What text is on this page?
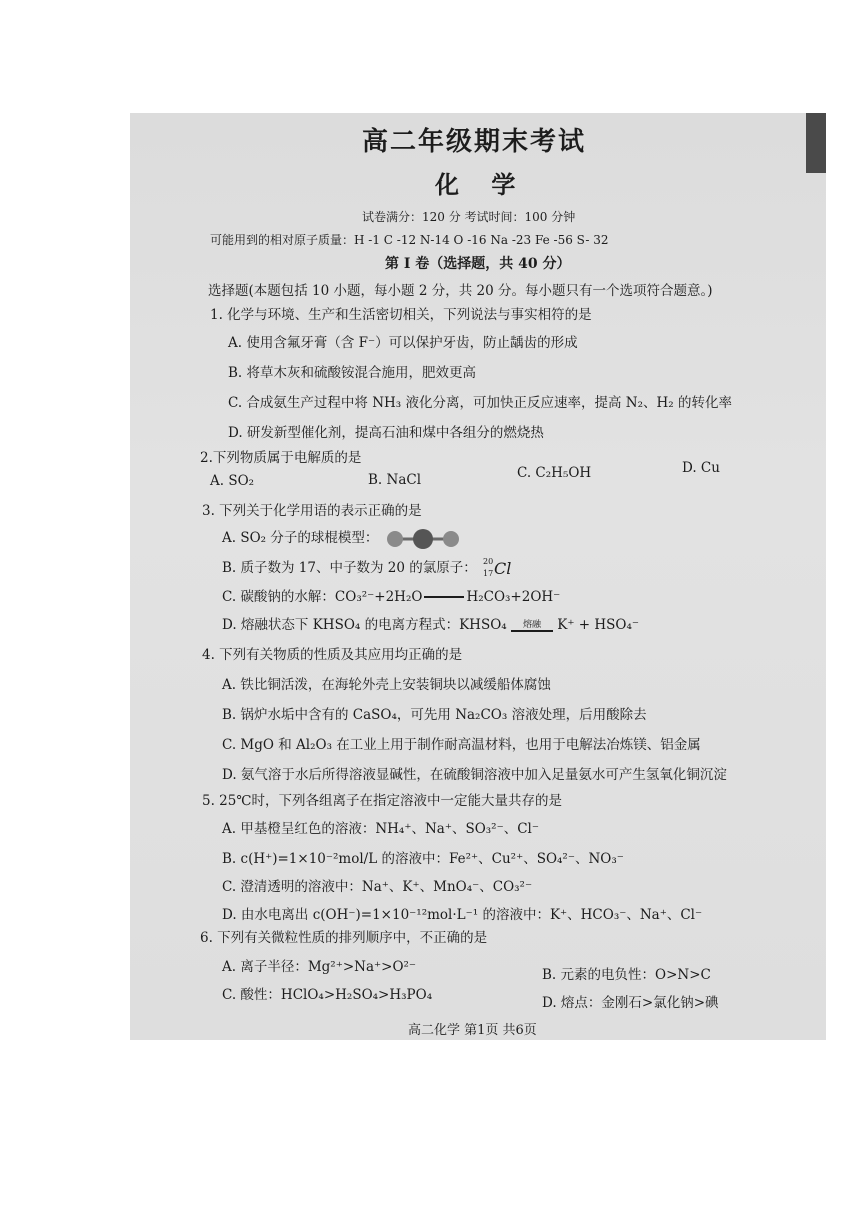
高二年级期末考试
化 学
试卷满分：120 分 考试时间：100 分钟
可能用到的相对原子质量：H -1 C -12 N-14 O -16 Na -23 Fe -56 S- 32
第 I 卷（选择题，共 40 分）
选择题(本题包括 10 小题，每小题 2 分，共 20 分。每小题只有一个选项符合题意。)
1. 化学与环境、生产和生活密切相关，下列说法与事实相符的是
A. 使用含氟牙膏（含 F⁻）可以保护牙齿，防止龋齿的形成
B. 将草木灰和硫酸铵混合施用，肥效更高
C. 合成氨生产过程中将 NH₃ 液化分离，可加快正反应速率，提高 N₂、H₂ 的转化率
D. 研发新型催化剂，提高石油和煤中各组分的燃烧热
2.下列物质属于电解质的是
A. SO₂	B. NaCl	C. C₂H₅OH	D. Cu
3. 下列关于化学用语的表示正确的是
A. SO₂ 分子的球棍模型：
B. 质子数为 17、中子数为 20 的氯原子： 20
17 Cl
C. 碳酸钠的水解：CO₃²⁻+2H₂O	H₂CO₃+2OH⁻
D. 熔融状态下 KHSO₄ 的电离方程式：KHSO₄	熔融	K⁺ + HSO₄⁻
4. 下列有关物质的性质及其应用均正确的是
A. 铁比铜活泼，在海轮外壳上安装铜块以减缓船体腐蚀
B. 锅炉水垢中含有的 CaSO₄，可先用 Na₂CO₃ 溶液处理，后用酸除去
C. MgO 和 Al₂O₃ 在工业上用于制作耐高温材料，也用于电解法冶炼镁、铝金属
D. 氨气溶于水后所得溶液显碱性，在硫酸铜溶液中加入足量氨水可产生氢氧化铜沉淀
5. 25℃时，下列各组离子在指定溶液中一定能大量共存的是
A. 甲基橙呈红色的溶液：NH₄⁺、Na⁺、SO₃²⁻、Cl⁻
B. c(H⁺)=1×10⁻²mol/L 的溶液中：Fe²⁺、Cu²⁺、SO₄²⁻、NO₃⁻
C. 澄清透明的溶液中：Na⁺、K⁺、MnO₄⁻、CO₃²⁻
D. 由水电离出 c(OH⁻)=1×10⁻¹²mol·L⁻¹ 的溶液中：K⁺、HCO₃⁻、Na⁺、Cl⁻
6. 下列有关微粒性质的排列顺序中，不正确的是
A. 离子半径：Mg²⁺>Na⁺>O²⁻	B. 元素的电负性：O>N>C
C. 酸性：HClO₄>H₂SO₄>H₃PO₄	D. 熔点：金刚石>氯化钠>碘
高二化学 第1页 共6页
